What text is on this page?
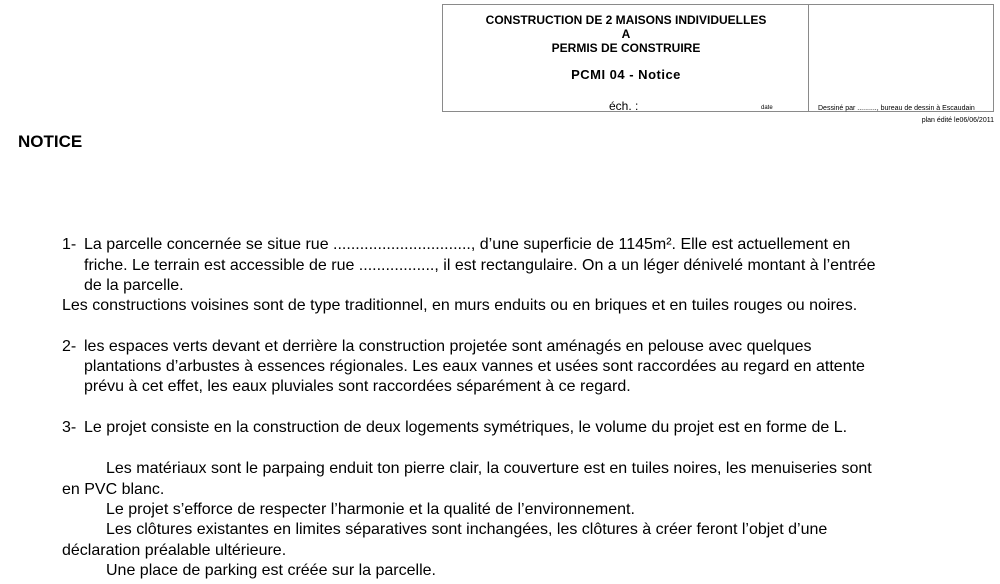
CONSTRUCTION DE 2 MAISONS INDIVIDUELLES
A
PERMIS DE CONSTRUIRE
PCMI 04 - Notice
éch. :	date	Dessiné par .........., bureau de dessin à Escaudain
plan édité le06/06/2011
NOTICE
1- La parcelle concernée se situe rue ..............................., d’une superficie de 1145m². Elle est actuellement en
friche. Le terrain est accessible de rue ................., il est rectangulaire. On a un léger dénivelé montant à l’entrée
de la parcelle.
Les constructions voisines sont de type traditionnel, en murs enduits ou en briques et en tuiles rouges ou noires.
2- les espaces verts devant et derrière la construction projetée sont aménagés en pelouse avec quelques
plantations d’arbustes à essences régionales. Les eaux vannes et usées sont raccordées au regard en attente
prévu à cet effet, les eaux pluviales sont raccordées séparément à ce regard.
3- Le projet consiste en la construction de deux logements symétriques, le volume du projet est en forme de L.
Les matériaux sont le parpaing enduit ton pierre clair, la couverture est en tuiles noires, les menuiseries sont
en PVC blanc.
Le projet s’efforce de respecter l’harmonie et la qualité de l’environnement.
Les clôtures existantes en limites séparatives sont inchangées, les clôtures à créer feront l’objet d’une
déclaration préalable ultérieure.
Une place de parking est créée sur la parcelle.
